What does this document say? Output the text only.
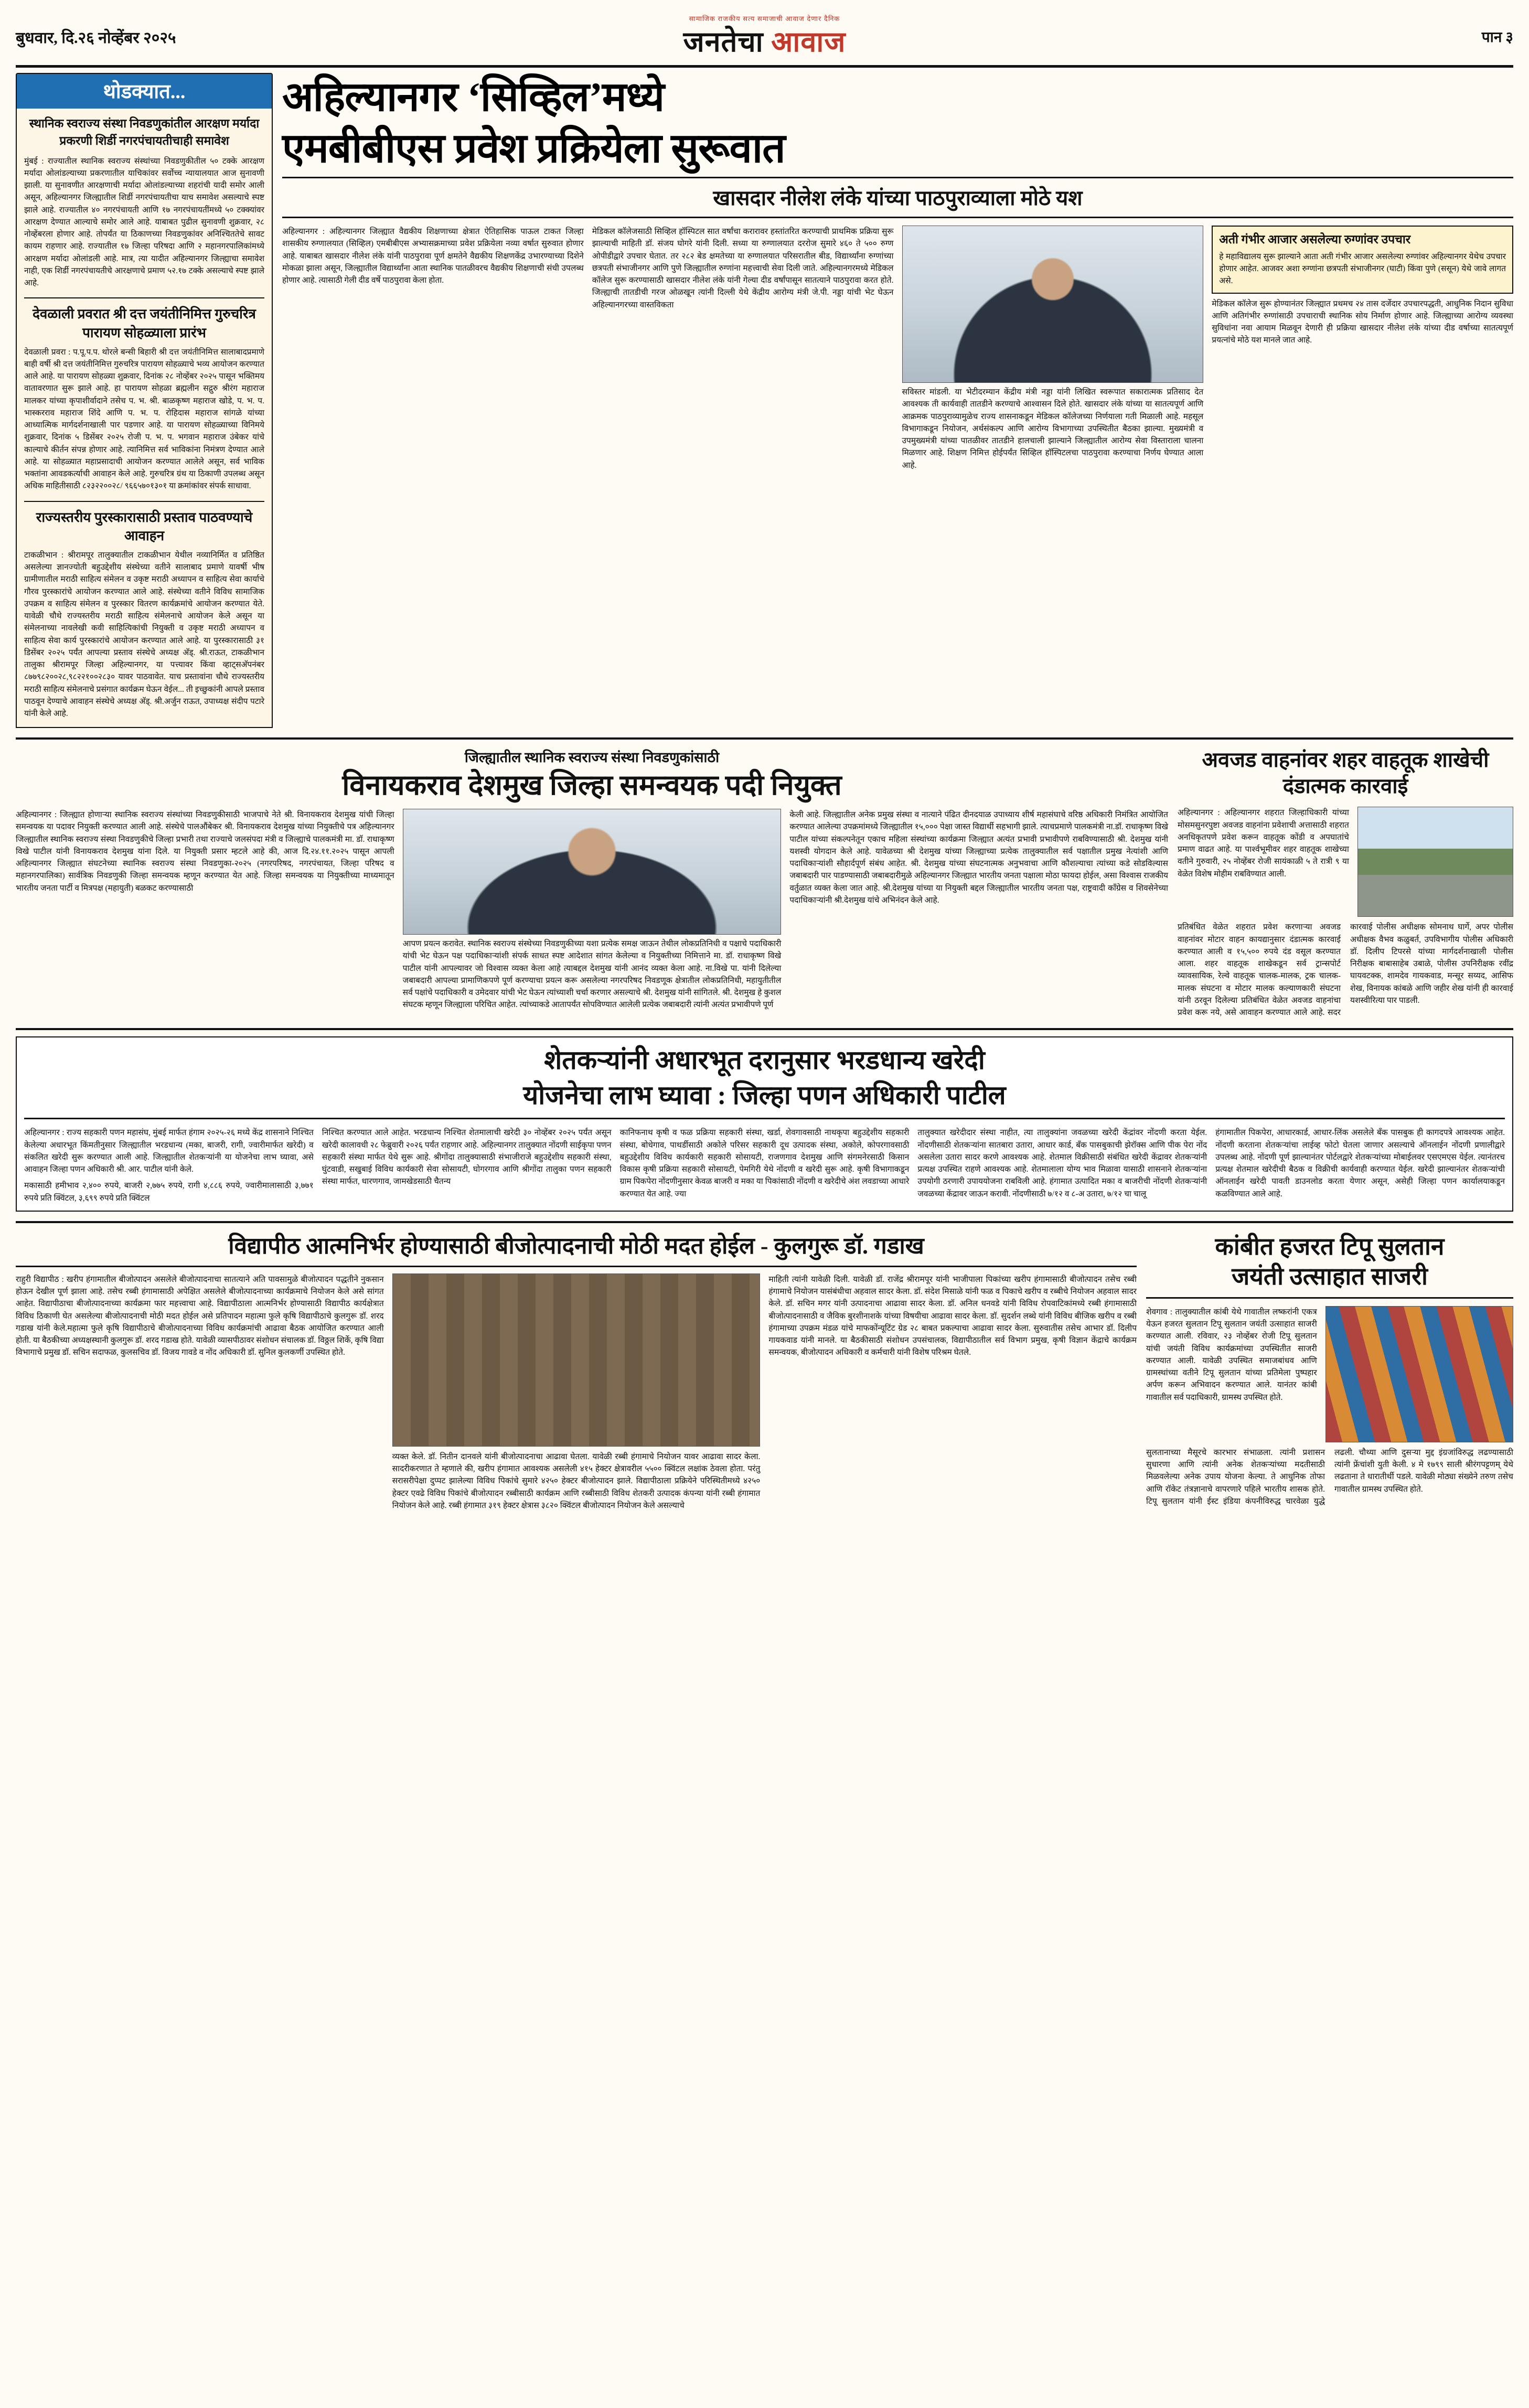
बुधवार, दि.२६ नोव्हेंबर २०२५
सामाजिक राजकीय सत्य समाजाची आवाज देणार दैनिक
जनतेचा आवाज	पान ३
थोडक्यात...
स्थानिक स्वराज्य संस्था निवडणुकांतील आरक्षण मर्यादा प्रकरणी शिर्डी नगरपंचायतीचाही समावेश
मुंबई : राज्यातील स्थानिक स्वराज्य संस्थांच्या निवडणुकीतील ५० टक्के आरक्षण मर्यादा ओलांडल्याच्या प्रकरणातील याचिकांवर सर्वोच्च न्यायालयात आज सुनावणी झाली. या सुनावणीत आरक्षणाची मर्यादा ओलांडल्याच्या शहरांची यादी समोर आली असून, अहिल्यानगर जिल्ह्यातील शिर्डी नगरपंचायतीचा याच समावेश असल्याचे स्पष्ट झाले आहे. राज्यातील ४० नगरपंचायती आणि १७ नगरपंचायतींमध्ये ५० टक्क्यांवर आरक्षण देण्यात आल्याचे समोर आले आहे. याबाबत पुढील सुनावणी शुक्रवार, २८ नोव्हेंबरला होणार आहे. तोपर्यंत या ठिकाणच्या निवडणुकांवर अनिश्चिततेचे सावट कायम राहणार आहे. राज्यातील १७ जिल्हा परिषदा आणि २ महानगरपालिकांमध्ये आरक्षण मर्यादा ओलांडली आहे. मात्र, त्या यादीत अहिल्यानगर जिल्ह्याचा समावेश नाही, एक शिर्डी नगरपंचायतीचे आरक्षणाचे प्रमाण ५२.१७ टक्के असल्याचे स्पष्ट झाले आहे.
देवळाली प्रवरात श्री दत्त जयंतीनिमित्त गुरुचरित्र पारायण सोहळ्याला प्रारंभ
देवळाली प्रवरा : प.पू.प.प. थोरले बन्सी बिहारी श्री दत्त जयंतीनिमित्त सालाबादप्रमाणे बाही वर्षी श्री दत्त जयंतीनिमित्त गुरुचरित्र पारायण सोहळ्याचे भव्य आयोजन करण्यात आले आहे. या पारायण सोहळ्या शुक्रवार, दिनांक २८ नोव्हेंबर २०२५ पासून भक्तिमय वातावरणात सुरू झाले आहे. हा पारायण सोहळा ब्रह्मलीन सद्गुरु श्रीरंग महाराज मालकर यांच्या कृपाशीर्वादाने तसेच प. भ. श्री. बाळकृष्ण महाराज खोडे, प. भ. प. भास्करराव महाराज शिंदे आणि प. भ. प. रोहिदास महाराज सांगळे यांच्या आध्यात्मिक मार्गदर्शनाखाली पार पडणार आहे. या पारायण सोहळ्याच्या विनिमये शुक्रवार, दिनांक ५ डिसेंबर २०२५ रोजी प. भ. प. भगवान महाराज उंबेकर यांचे काल्याचे कीर्तन संपन्न होणार आहे. त्यानिमित्त सर्व भाविकांना निमंत्रण देण्यात आले आहे. या सोहळ्यात महाप्रसादाची आयोजन करण्यात आलेले असून, सर्व भाविक भक्तांना आवडकर्त्याची आवाहन केले आहे. गुरुचरित्र ग्रंथ या ठिकाणी उपलब्ध असून अधिक माहितीसाठी ८२३२२००२८/ ९६६५७०१३०१ या क्रमांकांवर संपर्क साधावा.
राज्यस्तरीय पुरस्कारासाठी प्रस्ताव पाठवण्याचे आवाहन
टाकळीभान : श्रीरामपूर तालुक्यातील टाकळीभान येथील नव्यानिर्मित व प्रतिष्ठित असलेल्या ज्ञानज्योती बहुउद्देशीय संस्थेच्या वतीने सालाबाद प्रमाणे यावर्षी भीष ग्रामीणातील मराठी साहित्य संमेलन व उकृष्ट मराठी अध्यापन व साहित्य सेवा कार्याचे गौरव पुरस्कारांचे आयोजन करण्यात आले आहे. संस्थेच्या वतीने विविध सामाजिक उपक्रम व साहित्य संमेलन व पुरस्कार वितरण कार्यक्रमांचे आयोजन करण्यात येते. यावेळी चौथे राज्यस्तरीय मराठी साहित्य संमेलनाचे आयोजन केले असून या संमेलनाच्या नावलेखी कवी साहित्यिकांची नियुक्ती व उकृष्ट मराठी अध्यापन व साहित्य सेवा कार्य पुरस्कारांचे आयोजन करण्यात आले आहे. या पुरस्कारासाठी ३१ डिसेंबर २०२५ पर्यंत आपल्या प्रस्ताव संस्थेचे अध्यक्ष अ‍ॅड्. श्री.राऊत, टाकळीभान तालुका श्रीरामपूर जिल्हा अहिल्यानगर, या पत्त्यावर किंवा व्हाट्सअ‍ॅपनंबर ८७७९८२००२८,९८२२१००२८३० यावर पाठवावेत. याच प्रस्तावांना चौथे राज्यस्तरीय मराठी साहित्य संमेलनाचे प्रसंगात कार्यक्रम घेऊन वेईल... ती इच्छुकांनी आपले प्रस्ताव पाठवून देण्याचे आवाहन संस्थेचे अध्यक्ष अ‍ॅड्. श्री.अर्जुन राऊत, उपाध्यक्ष संदीप पटारे यांनी केले आहे.
अहिल्यानगर ‘सिव्हिल’मध्ये
एमबीबीएस प्रवेश प्रक्रियेला सुरूवात
खासदार नीलेश लंके यांच्या पाठपुराव्याला मोठे यश
अहिल्यानगर : अहिल्यानगर जिल्ह्यात वैद्यकीय शिक्षणाच्या क्षेत्रात ऐतिहासिक पाऊल टाकत जिल्हा शासकीय रुग्णालयात (सिव्हिल) एमबीबीएस अभ्यासक्रमाच्या प्रवेश प्रक्रियेला नव्या वर्षात सुरुवात होणार आहे. याबाबत खासदार नीलेश लंके यांनी पाठपुरावा पूर्ण क्षमतेने वैद्यकीय शिक्षणकेंद्र उभारण्याच्या दिशेने मोकळा झाला असून, जिल्ह्यातील विद्यार्थ्यांना आता स्थानिक पातळीवरच वैद्यकीय शिक्षणाची संधी उपलब्ध होणार आहे. त्यासाठी गेली दीड वर्षे पाठपुरावा केला होता.
मेडिकल कॉलेजसाठी सिव्हिल हॉस्पिटल सात वर्षांचा करारावर हस्तांतरित करण्याची प्राथमिक प्रक्रिया सुरू झाल्याची माहिती डॉ. संजय घोगरे यांनी दिली. सध्या या रुग्णालयात दररोज सुमारे ४६० ते ५०० रुग्ण ओपीडीद्वारे उपचार घेतात. तर २८२ बेड क्षमतेच्या या रुग्णालयात परिसरातील बीड, विद्यार्थ्यांना रुग्णांच्या छत्रपती संभाजीनगर आणि पुणे जिल्ह्यातील रुग्णांना महत्त्वाची सेवा दिली जाते. अहिल्यानगरमध्ये मेडिकल कॉलेज सुरू करण्यासाठी खासदार नीलेश लंके यांनी गेल्या दीड वर्षांपासून सातत्याने पाठपुरावा करत होते. जिल्ह्याची तातडीची गरज ओळखून त्यांनी दिल्ली येथे केंद्रीय आरोग्य मंत्री जे.पी. नड्डा यांची भेट घेऊन अहिल्यानगरच्या वास्तविकता
सविस्तर मांडली. या भेटीदरम्यान केंद्रीय मंत्री नड्डा यांनी लिखित स्वरूपात सकारात्मक प्रतिसाद देत आवश्यक ती कार्यवाही तातडीने करण्याचे आश्वासन दिले होते. खासदार लंके यांच्या या सातत्यपूर्ण आणि आक्रमक पाठपुराव्यामुळेच राज्य शासनाकडून मेडिकल कॉलेजच्या निर्णयाला गती मिळाली आहे. महसूल विभागाकडून नियोजन, अर्थसंकल्प आणि आरोग्य विभागाच्या उपस्थितीत बैठका झाल्या. मुख्यमंत्री व उपमुख्यमंत्री यांच्या पातळीवर तातडीने हालचाली झाल्याने जिल्ह्यातील आरोग्य सेवा विस्ताराला चालना मिळणार आहे. शिक्षण निमित्त होईपर्यंत सिव्हिल हॉस्पिटलचा पाठपुरावा करण्याचा निर्णय घेण्यात आला आहे.
अती गंभीर आजार असलेल्या रुग्णांवर उपचार
हे महाविद्यालय सुरू झाल्याने आता अती गंभीर आजार असलेल्या रुग्णांवर अहिल्यानगर येथेच उपचार होणार आहेत. आजवर अशा रुग्णांना छत्रपती संभाजीनगर (घाटी) किंवा पुणे (ससून) येथे जावे लागत असे.
मेडिकल कॉलेज सुरू होण्यानंतर जिल्ह्यात प्रथमच २४ तास दर्जेदार उपचारपद्धती, आधुनिक निदान सुविधा आणि अतिगंभीर रुग्णांसाठी उपचाराची स्थानिक सोय निर्माण होणार आहे. जिल्ह्याच्या आरोग्य व्यवस्था सुविधांना नवा आयाम मिळवून देणारी ही प्रक्रिया खासदार नीलेश लंके यांच्या दीड वर्षाच्या सातत्यपूर्ण प्रयत्नांचे मोठे यश मानले जात आहे.
जिल्ह्यातील स्थानिक स्वराज्य संस्था निवडणुकांसाठी
विनायकराव देशमुख जिल्हा समन्वयक पदी नियुक्त
अहिल्यानगर : जिल्ह्यात होणाऱ्या स्थानिक स्वराज्य संस्थांच्या निवडणुकीसाठी भाजपाचे नेते श्री. विनायकराव देशमुख यांची जिल्हा समन्वयक या पदावर नियुक्ती करण्यात आली आहे. संस्थेचे पालऔंबेकर श्री. विनायकराव देशमुख यांच्या नियुक्तीचे पत्र अहिल्यानगर जिल्ह्यातील स्थानिक स्वराज्य संस्था निवडणुकीचे जिल्हा प्रभारी तथा राज्याचे जलसंपदा मंत्री व जिल्ह्याचे पालकमंत्री मा. डॉ. राधाकृष्ण विखे पाटील यांनी विनायकराव देशमुख यांना दिले. या नियुक्ती प्रसार म्हटले आहे की, आज दि.२४.११.२०२५ पासून आपली अहिल्यानगर जिल्ह्यात संघटनेच्या स्थानिक स्वराज्य संस्था निवडणुका-२०२५ (नगरपरिषद, नगरपंचायत, जिल्हा परिषद व महानगरपालिका) सार्वत्रिक निवडणुकी जिल्हा समन्वयक म्हणून करण्यात येत आहे. जिल्हा समन्वयक या नियुक्तीच्या माध्यमातून भारतीय जनता पार्टी व मित्रपक्ष (महायुती) बळकट करण्यासाठी
आपण प्रयत्न करावेत. स्थानिक स्वराज्य संस्थेच्या निवडणुकीच्या यशा प्रत्येक समक्ष जाऊन तेथील लोकप्रतिनिधी व पक्षाचे पदाधिकारी यांची भेट घेऊन पक्ष पदाधिकाऱ्यांशी संपर्क साधत स्पष्ट आदेशात सांगत केलेल्या व नियुक्तीच्या निमित्ताने मा. डॉ. राधाकृष्ण विखे पाटील यांनी आपल्यावर जो विश्वास व्यक्त केला आहे त्याबद्दल देशमुख यांनी आनंद व्यक्त केला आहे. ना.विखे पा. यांनी दिलेल्या जबाबदारी आपल्या प्रामाणिकपणे पूर्ण करण्याचा प्रयत्न करू असलेल्या नगरपरिषद निवडणूक क्षेत्रातील लोकप्रतिनिधी, महायुतीतील सर्व पक्षांचे पदाधिकारी व उमेदवार यांची भेट घेऊन त्यांच्याशी चर्चा करणार असल्याचे श्री. देशमुख यांनी सांगितले. श्री. देशमुख हे कुशल संघटक म्हणून जिल्ह्याला परिचित आहेत. त्यांच्याकडे आतापर्यंत सोपविण्यात आलेली प्रत्येक जबाबदारी त्यांनी अत्यंत प्रभावीपणे पूर्ण
केली आहे. जिल्ह्यातील अनेक प्रमुख संस्था व नात्याने पंढित दीनदयाळ उपाध्याय शीर्ष महासंघाचे वरिष्ठ अधिकारी निमंत्रित आयोजित करण्यात आलेल्या उपक्रमांमध्ये जिल्ह्यातील १५,००० पेक्षा जास्त विद्यार्थी सहभागी झाले. त्याचप्रमाणे पालकमंत्री ना.डॉ. राधाकृष्ण विखे पाटील यांच्या संकल्पनेतून एकाच महिला संस्थांच्या कार्यक्रमा जिल्ह्यात अत्यंत प्रभावी प्रभावीपणे राबविण्यासाठी श्री. देशमुख यांनी यशस्वी योगदान केले आहे. यावेळच्या श्री देशमुख यांच्या जिल्ह्याच्या प्रत्येक तालुक्यातील सर्व पक्षातील प्रमुख नेत्यांशी आणि पदाधिकाऱ्यांशी सौहार्दपूर्ण संबंध आहेत. श्री. देशमुख यांच्या संघटनात्मक अनुभवाचा आणि कौशल्याचा त्यांच्या कडे सोडविल्यास जबाबदारी पार पाडण्यासाठी जबाबदारीमुळे अहिल्यानगर जिल्ह्यात भारतीय जनता पक्षाला मोठा फायदा होईल, असा विश्वास राजकीय वर्तुळात व्यक्त केला जात आहे. श्री.देशमुख यांच्या या नियुक्ती बद्दल जिल्ह्यातील भारतीय जनता पक्ष, राष्ट्रवादी काँग्रेस व शिवसेनेच्या पदाधिकाऱ्यांनी श्री.देशमुख यांचे अभिनंदन केले आहे.
अवजड वाहनांवर शहर वाहतूक शाखेची दंडात्मक कारवाई
अहिल्यानगर : अहिल्यानगर शहरात जिल्हाधिकारी यांच्या मोसमसुनरपुष्टा अवजड वाहनांना प्रवेशाची अत्तासाठी शहरात अनधिकृतपणे प्रवेश करून वाहतूक कोंडी व अपघातांचे प्रमाण वाढत आहे. या पार्श्वभूमीवर शहर वाहतूक शाखेच्या वतीने गुरुवारी, २५ नोव्हेंबर रोजी सायंकाळी ५ ते रात्री ९ या वेळेत विशेष मोहीम राबविण्यात आली.
प्रतिबंधित वेळेत शहरात प्रवेश करणाऱ्या अवजड वाहनांवर मोटार वाहन कायद्यानुसार दंडात्मक कारवाई करण्यात आली व १५,५०० रुपये दंड वसूल करण्यात आला. शहर वाहतूक शाखेकडून सर्व ट्रान्सपोर्ट व्यावसायिक, रेल्वे वाहतूक चालक-मालक, ट्रक चालक-मालक संघटना व मोटार मालक कल्याणकारी संघटना यांनी ठरवून दिलेल्या प्रतिबंधित वेळेत अवजड वाहनांचा प्रवेश करू नये, असे आवाहन करण्यात आले आहे. सदर कारवाई पोलीस अधीक्षक सोमनाथ घार्गे, अपर पोलीस अधीक्षक वैभव कळुबर्त, उपविभागीय पोलीस अधिकारी डॉ. दिलीप टिपरसे यांच्या मार्गदर्शनाखाली पोलीस निरीक्षक बाबासाहेब उबाळे, पोलीस उपनिरीक्षक रवींद्र घायवटक्क, शामदेव गायकवाड, मन्सूर सय्यद, आसिफ शेख, विनायक कांबळे आणि जहीर शेख यांनी ही कारवाई यशस्वीरित्या पार पाडली.
शेतकऱ्यांनी अधारभूत दरानुसार भरडधान्य खरेदी
योजनेचा लाभ घ्यावा : जिल्हा पणन अधिकारी पाटील
अहिल्यानगर : राज्य सहकारी पणन महासंघ, मुंबई मार्फत हंगाम २०२५-२६ मध्ये केंद्र शासनाने निश्चित केलेल्या अधारभूत किंमतीनुसार जिल्ह्यातील भरडधान्य (मका, बाजरी, रागी, ज्वारीमार्फत खरेदी) व संकलित खरेदी सुरू करण्यात आली आहे. जिल्ह्यातील शेतकऱ्यांनी या योजनेचा लाभ घ्यावा, असे आवाहन जिल्हा पणन अधिकारी श्री. आर. पाटील यांनी केले.
मकासाठी हमीभाव २,४०० रुपये, बाजरी २,७७५ रुपये, रागी ४,८८६ रुपये, ज्वारीमालासाठी ३,७७१ रुपये प्रति क्विंटल, ३,६९९ रुपये प्रति क्विंटल
निश्चित करण्यात आले आहेत. भरडधान्य निश्चित शेतमालाची खरेदी ३० नोव्हेंबर २०२५ पर्यंत असून खरेदी कालावधी २८ फेब्रुवारी २०२६ पर्यंत राहणार आहे. अहिल्यानगर तालुक्यात नोंदणी साईकृपा पणन सहकारी संस्था मार्फत येथे सुरू आहे. श्रीगोंदा तालुक्यासाठी संभाजीराजे बहुउद्देशीय सहकारी संस्था, घुंटवाडी, सखुबाई विविध कार्यकारी सेवा सोसायटी, घोगरगाव आणि श्रीगोंदा तालुका पणन सहकारी संस्था मार्फत, धारणगाव, जामखेडसाठी चैतन्य
कानिफनाथ कृषी व फळ प्रक्रिया सहकारी संस्था, खर्डा, शेवगावसाठी नाथकृपा बहुउद्देशीय सहकारी संस्था, बोधेगाव, पाथर्डीसाठी अकोले परिसर सहकारी दूध उत्पादक संस्था, अकोले, कोपरगावसाठी बहुउद्देशीय विविध कार्यकारी सहकारी सोसायटी, राजणगाव देशमुख आणि संगमनेरसाठी किसान विकास कृषी प्रक्रिया सहकारी सोसायटी, पेमगिरी येथे नोंदणी व खरेदी सुरू आहे. कृषी विभागाकडून ग्राम पिकपेरा नोंदणीनुसार केवळ बाजरी व मका या पिकांसाठी नोंदणी व खरेदीचे अंश लवडाच्या आधारे करण्यात येत आहे. ज्या
तालुक्यात खरेदीदार संस्था नाहीत, त्या तालुक्यांना जवळच्या खरेदी केंद्रांवर नोंदणी करता येईल. नोंदणीसाठी शेतकऱ्यांना सातबारा उतारा, आधार कार्ड, बँक पासबुकाची झेरॉक्स आणि पीक पेरा नोंद असलेला उतारा सादर करणे आवश्यक आहे. शेतमाल विक्रीसाठी संबंधित खरेदी केंद्रावर शेतकऱ्यांनी प्रत्यक्ष उपस्थित राहणे आवश्यक आहे. शेतमालाला योग्य भाव मिळावा यासाठी शासनाने शेतकऱ्यांना उपयोगी ठरणारी उपाययोजना राबविली आहे. हंगामात उत्पादित मका व बाजरीची नोंदणी शेतकऱ्यांनी जवळच्या केंद्रावर जाऊन करावी. नोंदणीसाठी ७/१२ व ८-अ उतारा, ७/१२ चा चालू
हंगामातील पिकपेरा, आधारकार्ड, आधार-लिंक असलेले बँक पासबुक ही कागदपत्रे आवश्यक आहेत. नोंदणी करताना शेतकऱ्यांचा लाईव्ह फोटो घेतला जाणार असल्याचे ऑनलाईन नोंदणी प्रणालीद्वारे उपलब्ध आहे. नोंदणी पूर्ण झाल्यानंतर पोर्टलद्वारे शेतकऱ्यांच्या मोबाईलवर एसएमएस येईल. त्यानंतरच प्रत्यक्ष शेतमाल खरेदीची बैठक व विक्रीची कार्यवाही करण्यात येईल. खरेदी झाल्यानंतर शेतकऱ्यांची ऑनलाईन खरेदी पावती डाउनलोड करता येणार असून, असेही जिल्हा पणन कार्यालयाकडून कळविण्यात आले आहे.
विद्यापीठ आत्मनिर्भर होण्यासाठी बीजोत्पादनाची मोठी मदत होईल - कुलगुरू डॉ. गडाख
राहुरी विद्यापीठ : खरीप हंगामातील बीजोत्पादन असलेले बीजोत्पादनाचा सातत्याने अति पावसामुळे बीजोत्पादन पद्धतीने नुकसान होऊन देखील पूर्ण झाला आहे. तसेच रब्बी हंगामासाठी अपेक्षित असलेले बीजोत्पादनाच्या कार्यक्रमाचे नियोजन केले असे सांगत आहेत. विद्यापीठाचा बीजोत्पादनाच्या कार्यक्रमा फार महत्त्वाचा आहे. विद्यापीठाला आत्मनिर्भर होण्यासाठी विद्यापीठ कार्यक्षेत्रात विविध ठिकाणी घेत असलेल्या बीजोत्पादनाची मोठी मदत होईल असे प्रतिपादन महात्मा फुले कृषि विद्यापीठाचे कुलगुरू डॉ. शरद गडाख यांनी केले.महात्मा फुले कृषि विद्यापीठाचे बीजोत्पादनाच्या विविध कार्यक्रमांची आढावा बैठक आयोजित करण्यात आली होती. या बैठकीच्या अध्यक्षस्थानी कुलगुरू डॉ. शरद गडाख होते. यावेळी व्यासपीठावर संशोधन संचालक डॉ. विठ्ठल शिर्के, कृषि विद्या विभागाचे प्रमुख डॉ. सचिन सदाफळ, कुलसचिव डॉ. विजय गावडे व नोंद अधिकारी डॉ. सुनिल कुलकर्णी उपस्थित होते.
व्यक्त केले. डॉ. नितीन दानवले यांनी बीजोत्पादनाचा आढावा घेतला. यावेळी रब्बी हंगामाचे नियोजन यावर आढावा सादर केला. सादरीकरणात ते म्हणाले की, खरीप हंगामात आवश्यक असलेली ४१५ हेक्टर क्षेत्रावरील ५५०० क्विंटल लक्षांक ठेवला होता. परंतु सरासरीपेक्षा दुप्पट झालेल्या विविध पिकांचे सुमारे ४२५० हेक्टर बीजोत्पादन झाले. विद्यापीठाला प्रक्रियेने परिस्थितीमध्ये ४२५० हेक्टर एवढे विविध पिकांचे बीजोत्पादन रब्बीसाठी कार्यक्रम आणि रब्बीसाठी विविध शेतकरी उत्पादक कंपन्या यांनी रब्बी हंगामात नियोजन केले आहे. रब्बी हंगामात ३१९ हेक्टर क्षेत्रास ३८२० क्विंटल बीजोत्पादन नियोजन केले असल्याचे
माहिती त्यांनी यावेळी दिली. यावेळी डॉ. राजेंद्र श्रीरामपूर यांनी भाजीपाला पिकांच्या खरीप हंगामासाठी बीजोत्पादन तसेच रब्बी हंगामाचे नियोजन यासंबंधीचा अहवाल सादर केला. डॉ. संदेश मिसाळे यांनी फळ व पिकाचे खरीप व रब्बीचे नियोजन अहवाल सादर केले. डॉ. सचिन मगर यांनी उत्पादनाचा आढावा सादर केला. डॉ. अनिल धनवडे यांनी विविध रोपवाटिकांमध्ये रब्बी हंगामासाठी बीजोत्पादनासाठी व जैविक बुरशीनाशके यांच्या विषयीचा आढावा सादर केला. डॉ. सुदर्शन लब्धे यांनी विविध बीजिक खरीप व रब्बी हंगामाच्या उपक्रम मंडळ यांचे माफकोंन्यूटिंट ग्रेड २८ बाबत प्रकल्पाचा आढावा सादर केला. सुरुवातीस तसेच आभार डॉ. दिलीप गायकवाड यांनी मानले. या बैठकीसाठी संशोधन उपसंचालक, विद्यापीठातील सर्व विभाग प्रमुख, कृषी विज्ञान केंद्राचे कार्यक्रम समन्वयक, बीजोत्पादन अधिकारी व कर्मचारी यांनी विशेष परिश्रम घेतले.
कांबीत हजरत टिपू सुलतान
जयंती उत्साहात साजरी
शेवगाव : तालुक्यातील कांबी येथे गावातील लष्करांनी एकत्र येऊन हजरत सुलतान टिपू सुलतान जयंती उत्साहात साजरी करण्यात आली. रविवार, २३ नोव्हेंबर रोजी टिपू सुलतान यांची जयंती विविध कार्यक्रमांच्या उपस्थितीत साजरी करण्यात आली. यावेळी उपस्थित समाजबांधव आणि ग्रामस्थांच्या वतीने टिपू सुलतान यांच्या प्रतिमेला पुष्पहार अर्पण करून अभिवादन करण्यात आले. यानंतर कांबी गावातील सर्व पदाधिकारी, ग्रामस्थ उपस्थित होते.
सुलतानाच्या मैसूरचे कारभार संभाळला. त्यांनी प्रशासन सुधारणा आणि त्यांनी अनेक शेतकऱ्यांच्या मदतीसाठी मिळवलेल्या अनेक उपाय योजना केल्या. ते आधुनिक तोफा आणि रॉकेट तंत्रज्ञानाचे वापरणारे पहिले भारतीय शासक होते. टिपू सुलतान यांनी ईस्ट इंडिया कंपनीविरुद्ध चारवेळा युद्धे लढली. चौथ्या आणि दुसऱ्या मुद्द इंग्रजांविरुद्ध लढण्यासाठी त्यांनी फ्रेंचांशी युती केली. ४ मे १७९९ साली श्रीरंगपट्टणम् येथे लढताना ते धारातीर्थी पडले. यावेळी मोठ्या संख्येने तरुण तसेच गावातील ग्रामस्थ उपस्थित होते.
